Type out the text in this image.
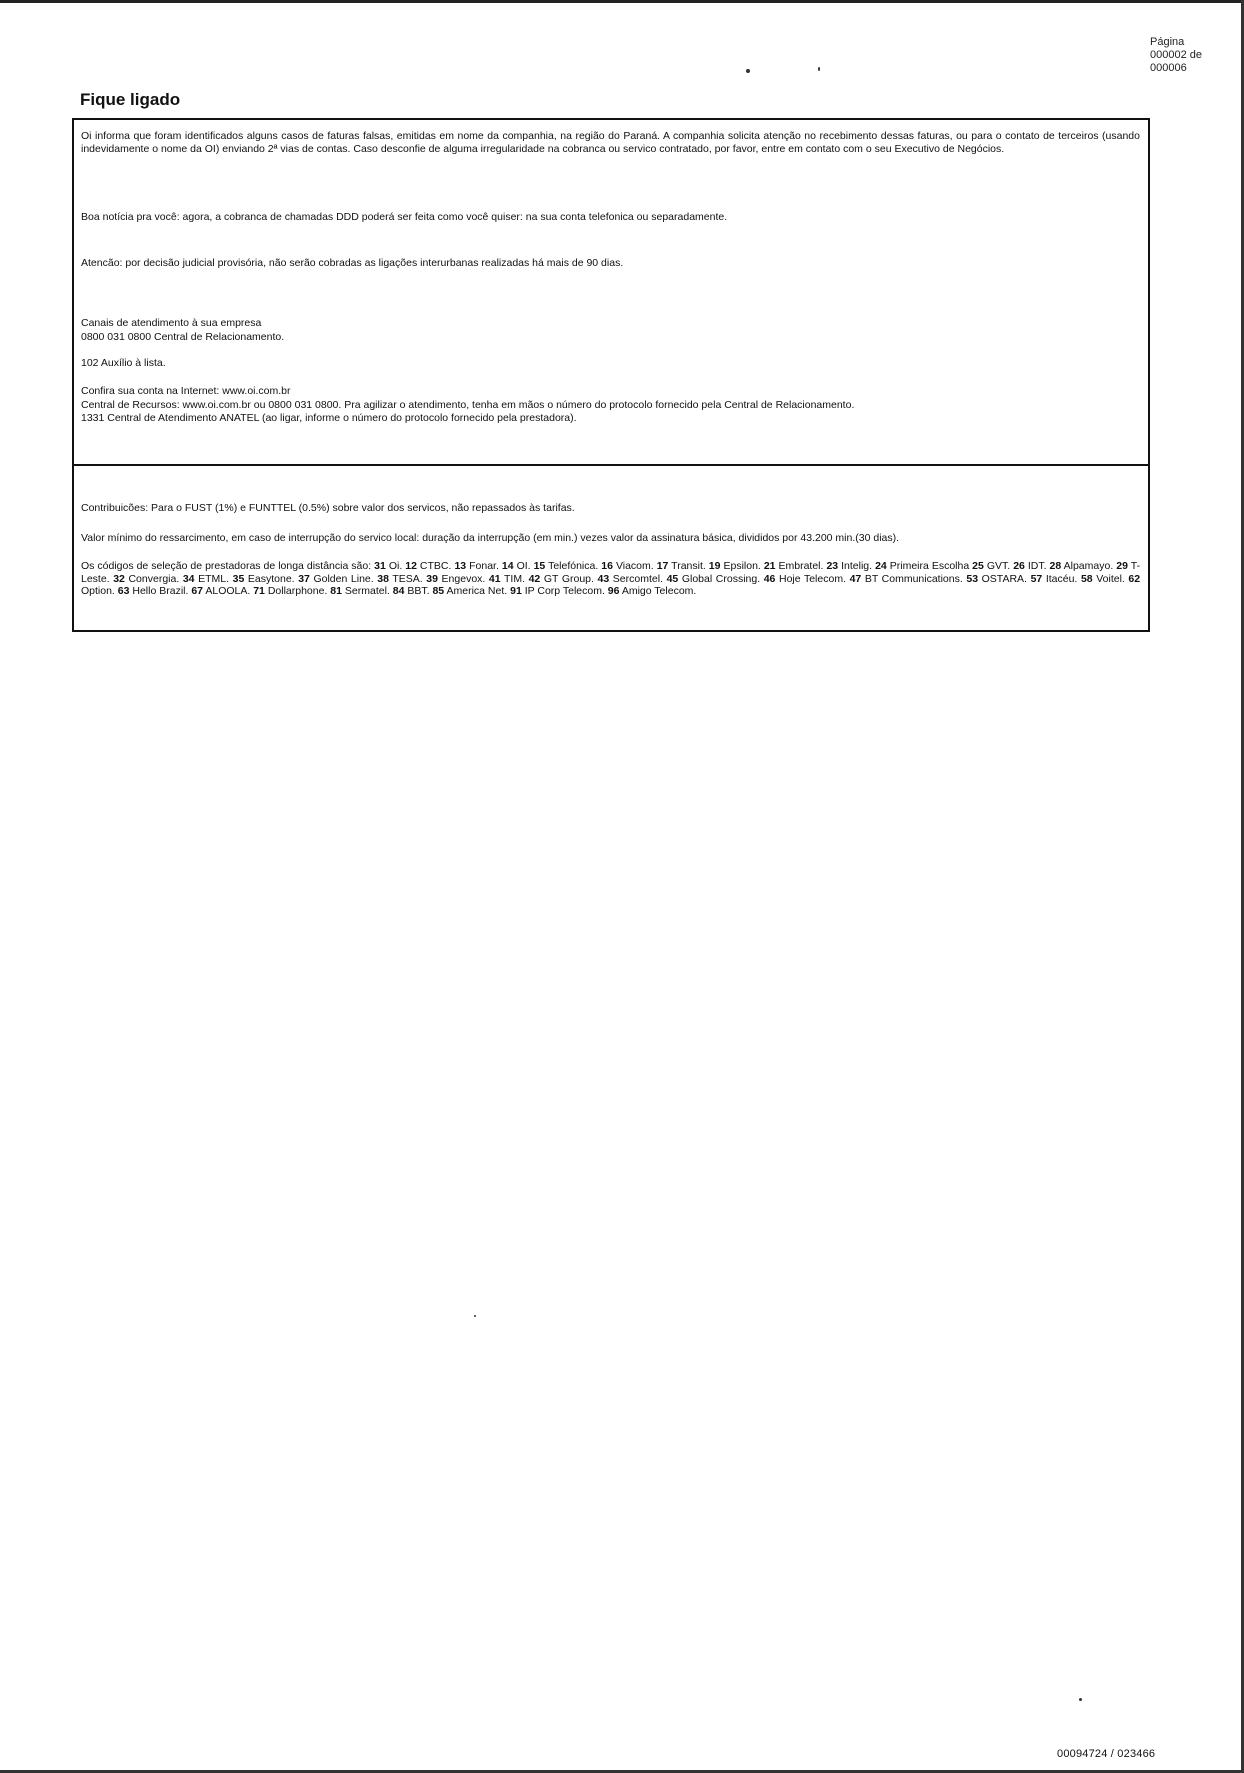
Página
000002 de
000006
Fique ligado

Oi informa que foram identificados alguns casos de faturas falsas, emitidas em nome da companhia, na região do Paraná. A companhia solicita atenção no recebimento dessas faturas, ou para o contato de terceiros (usando indevidamente o nome da OI) enviando 2ª vias de contas. Caso desconfie de alguma irregularidade na cobranca ou servico contratado, por favor, entre em contato com o seu Executivo de Negócios.

Boa notícia pra você: agora, a cobranca de chamadas DDD poderá ser feita como você quiser: na sua conta telefonica ou separadamente.

Atencão: por decisão judicial provisória, não serão cobradas as ligações interurbanas realizadas há mais de 90 dias.

Canais de atendimento à sua empresa

0800 031 0800 Central de Relacionamento.

102 Auxílio à lista.

Confira sua conta na Internet: www.oi.com.br

Central de Recursos: www.oi.com.br ou 0800 031 0800. Pra agilizar o atendimento, tenha em mãos o número do protocolo fornecido pela Central de Relacionamento.

1331 Central de Atendimento ANATEL (ao ligar, informe o número do protocolo fornecido pela prestadora).

Contribuicões: Para o FUST (1%) e FUNTTEL (0.5%) sobre valor dos servicos, não repassados às tarifas.

Valor mínimo do ressarcimento, em caso de interrupção do servico local: duração da interrupção (em min.) vezes valor da assinatura básica, divididos por 43.200 min.(30 dias).

Os códigos de seleção de prestadoras de longa distância são: 31 Oi. 12 CTBC. 13 Fonar. 14 OI. 15 Telefónica. 16 Viacom. 17 Transit. 19 Epsilon. 21 Embratel. 23 Intelig. 24 Primeira Escolha 25 GVT. 26 IDT. 28 Alpamayo. 29 T-Leste. 32 Convergia. 34 ETML. 35 Easytone. 37 Golden Line. 38 TESA. 39 Engevox. 41 TIM. 42 GT Group. 43 Sercomtel. 45 Global Crossing. 46 Hoje Telecom. 47 BT Communications. 53 OSTARA. 57 Itacéu. 58 Voitel. 62 Option. 63 Hello Brazil. 67 ALOOLA. 71 Dollarphone. 81 Sermatel. 84 BBT. 85 America Net. 91 IP Corp Telecom. 96 Amigo Telecom.

00094724 / 023466
